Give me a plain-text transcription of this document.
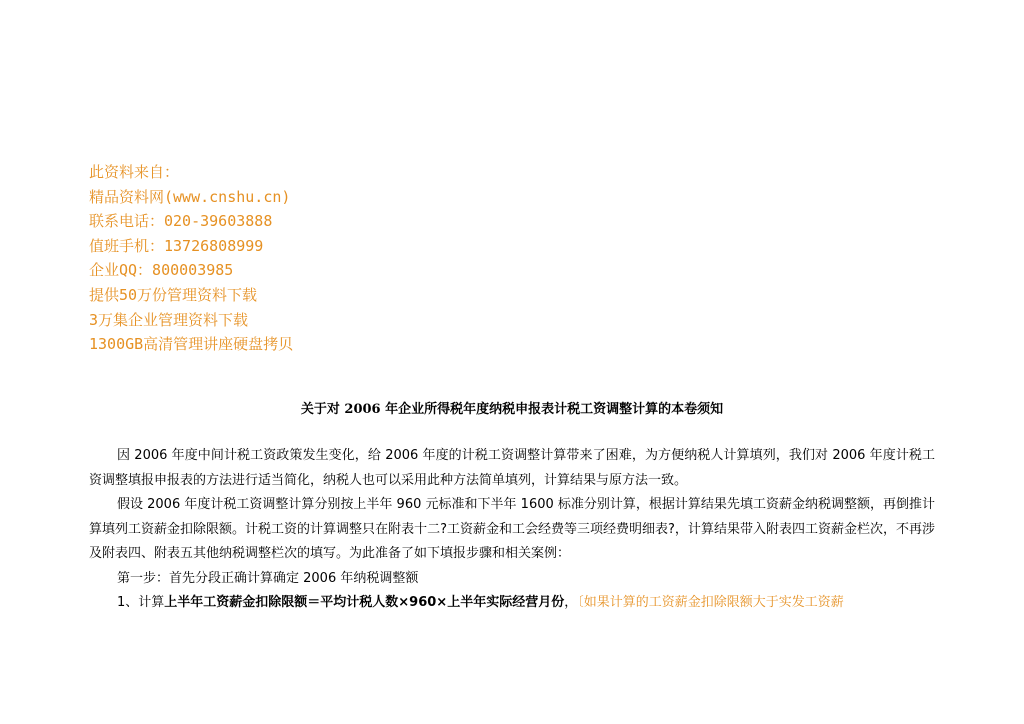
此资料来自：
精品资料网(www.cnshu.cn)
联系电话：020-39603888
值班手机：13726808999
企业QQ：800003985
提供50万份管理资料下载
3万集企业管理资料下载
1300GB高清管理讲座硬盘拷贝
关于对 2006 年企业所得税年度纳税申报表计税工资调整计算的本卷须知

因 2006 年度中间计税工资政策发生变化，给 2006 年度的计税工资调整计算带来了困难，为方便纳税人计算填列，我们对 2006 年度计税工资调整填报申报表的方法进行适当简化，纳税人也可以采用此种方法简单填列，计算结果与原方法一致。

假设 2006 年度计税工资调整计算分别按上半年 960 元标准和下半年 1600 标准分别计算，根据计算结果先填工资薪金纳税调整额，再倒推计算填列工资薪金扣除限额。计税工资的计算调整只在附表十二?工资薪金和工会经费等三项经费明细表?，计算结果带入附表四工资薪金栏次，不再涉及附表四、附表五其他纳税调整栏次的填写。为此准备了如下填报步骤和相关案例：

第一步：首先分段正确计算确定 2006 年纳税调整额

1、计算上半年工资薪金扣除限额＝平均计税人数×960×上半年实际经营月份，〔如果计算的工资薪金扣除限额大于实发工资薪
